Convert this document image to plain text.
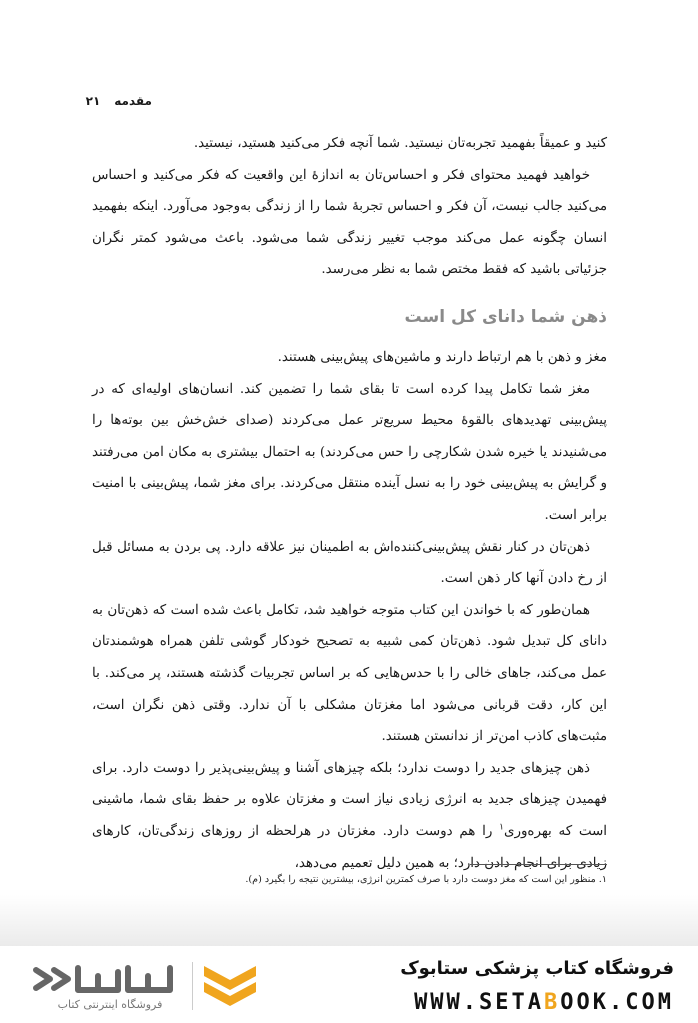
مقدمه
۲۱

کنید و عمیقاً بفهمید تجربه‌تان نیستید. شما آنچه فکر می‌کنید هستید، نیستید.

خواهید فهمید محتوای فکر و احساس‌تان به اندازهٔ این واقعیت که فکر می‌کنید و احساس می‌کنید جالب نیست، آن فکر و احساس تجربهٔ شما را از زندگی به‌وجود می‌آورد. اینکه بفهمید انسان چگونه عمل می‌کند موجب تغییر زندگی شما می‌شود. باعث می‌شود کمتر نگران جزئیاتی باشید که فقط مختص شما به نظر می‌رسد.

ذهن شما دانای کل است

مغز و ذهن با هم ارتباط دارند و ماشین‌های پیش‌بینی هستند.

مغز شما تکامل پیدا کرده است تا بقای شما را تضمین کند. انسان‌های اولیه‌ای که در پیش‌بینی تهدیدهای بالقوهٔ محیط سریع‌تر عمل می‌کردند (صدای خش‌خش بین بوته‌ها را می‌شنیدند یا خیره شدن شکارچی را حس می‌کردند) به احتمال بیشتری به مکان امن می‌رفتند و گرایش به پیش‌بینی خود را به نسل آینده منتقل می‌کردند. برای مغز شما، پیش‌بینی با امنیت برابر است.

ذهن‌تان در کنار نقش پیش‌بینی‌کننده‌اش به اطمینان نیز علاقه دارد. پی بردن به مسائل قبل از رخ دادن آنها کار ذهن است.

همان‌طور که با خواندن این کتاب متوجه خواهید شد، تکامل باعث شده است که ذهن‌تان به دانای کل تبدیل شود. ذهن‌تان کمی شبیه به تصحیح خودکار گوشی تلفن همراه هوشمندتان عمل می‌کند، جاهای خالی را با حدس‌هایی که بر اساس تجربیات گذشته هستند، پر می‌کند. با این کار، دقت قربانی می‌شود اما مغزتان مشکلی با آن ندارد. وقتی ذهن نگران است، مثبت‌های کاذب امن‌تر از ندانستن هستند.

ذهن چیزهای جدید را دوست ندارد؛ بلکه چیزهای آشنا و پیش‌بینی‌پذیر را دوست دارد. برای فهمیدن چیزهای جدید به انرژی زیادی نیاز است و مغزتان علاوه بر حفظ بقای شما، ماشینی است که بهره‌وری$^۱$ را هم دوست دارد. مغزتان در هرلحظه از روزهای زندگی‌تان، کارهای زیادی برای انجام دادن دارد؛ به همین دلیل تعمیم می‌دهد،

۱. منظور این است که مغز دوست دارد با صرف کمترین انرژی، بیشترین نتیجه را بگیرد (م).
فروشگاه کتاب پزشکی ستابوک
WWW.SETABOOK.COM
فروشگاه اینترنتی کتاب
